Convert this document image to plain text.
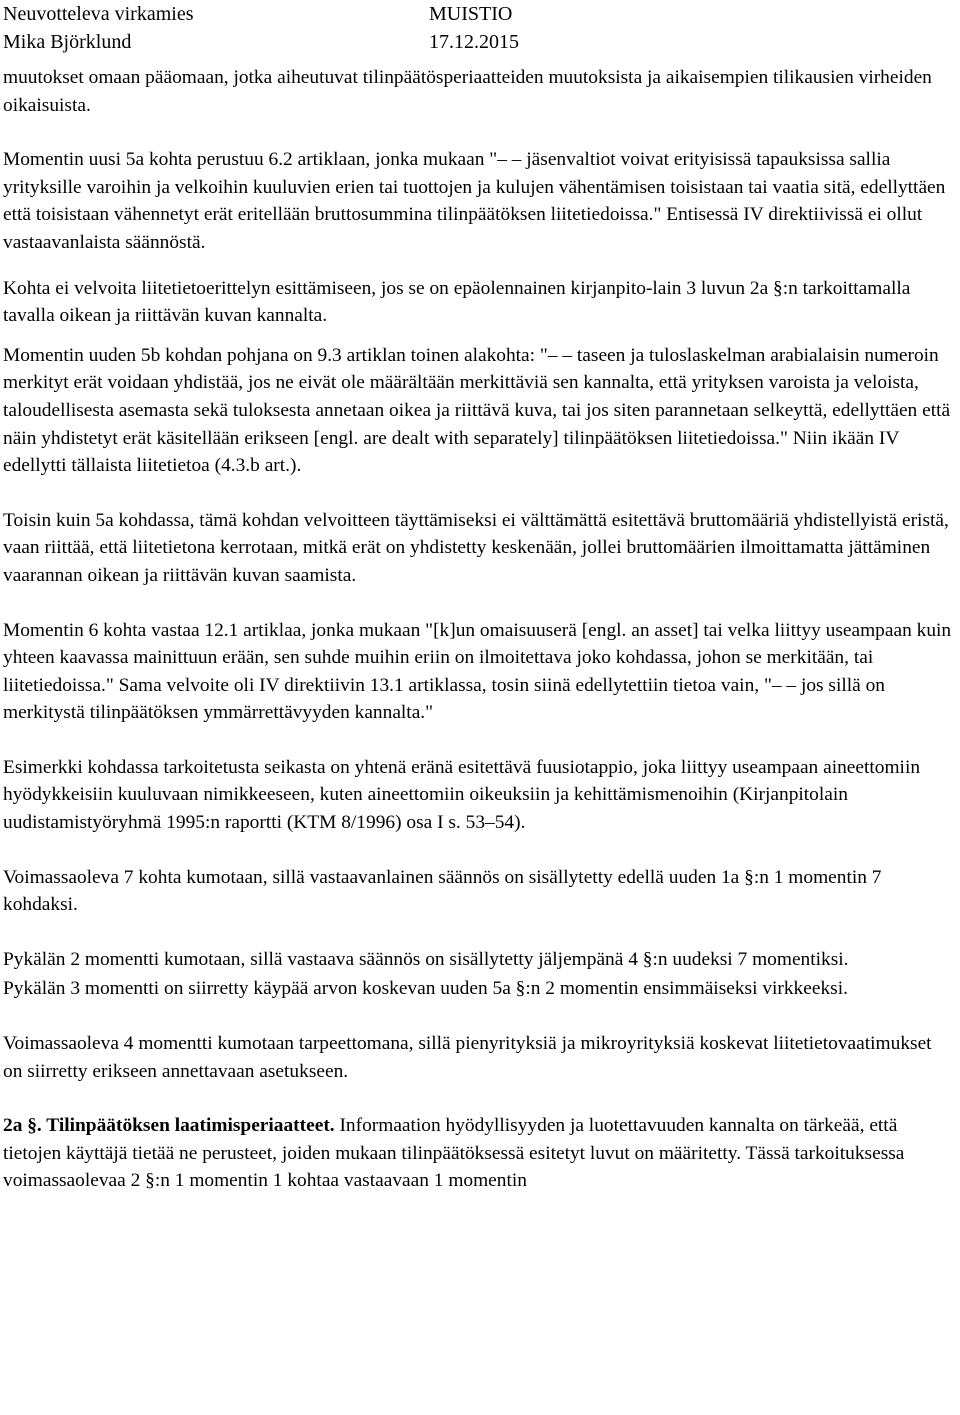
Neuvotteleva virkamies	MUISTIO
Mika Björklund	17.12.2015

muutokset omaan pääomaan, jotka aiheutuvat tilinpäätösperiaatteiden muutoksista ja aikaisempien tilikausien virheiden oikaisuista.

Momentin uusi 5a kohta perustuu 6.2 artiklaan, jonka mukaan "– – jäsenvaltiot voivat erityisissä tapauksissa sallia yrityksille varoihin ja velkoihin kuuluvien erien tai tuottojen ja kulujen vähentämisen toisistaan tai vaatia sitä, edellyttäen että toisistaan vähennetyt erät eritellään bruttosummina tilinpäätöksen liitetiedoissa." Entisessä IV direktiivissä ei ollut vastaavanlaista säännöstä.

Kohta ei velvoita liitetietoerittelyn esittämiseen, jos se on epäolennainen kirjanpito-lain 3 luvun 2a §:n tarkoittamalla tavalla oikean ja riittävän kuvan kannalta.

Momentin uuden 5b kohdan pohjana on 9.3 artiklan toinen alakohta: "– – taseen ja tuloslaskelman arabialaisin numeroin merkityt erät voidaan yhdistää, jos ne eivät ole määrältään merkittäviä sen kannalta, että yrityksen varoista ja veloista, taloudellisesta asemasta sekä tuloksesta annetaan oikea ja riittävä kuva, tai jos siten parannetaan selkeyttä, edellyttäen että näin yhdistetyt erät käsitellään erikseen [engl. are dealt with separately] tilinpäätöksen liitetiedoissa." Niin ikään IV edellytti tällaista liitetietoa (4.3.b art.).

Toisin kuin 5a kohdassa, tämä kohdan velvoitteen täyttämiseksi ei välttämättä esitettävä bruttomääriä yhdistellyistä eristä, vaan riittää, että liitetietona kerrotaan, mitkä erät on yhdistetty keskenään, jollei bruttomäärien ilmoittamatta jättäminen vaarannan oikean ja riittävän kuvan saamista.

Momentin 6 kohta vastaa 12.1 artiklaa, jonka mukaan "[k]un omaisuuserä [engl. an asset] tai velka liittyy useampaan kuin yhteen kaavassa mainittuun erään, sen suhde muihin eriin on ilmoitettava joko kohdassa, johon se merkitään, tai liitetiedoissa." Sama velvoite oli IV direktiivin 13.1 artiklassa, tosin siinä edellytettiin tietoa vain, "– – jos sillä on merkitystä tilinpäätöksen ymmärrettävyyden kannalta."

Esimerkki kohdassa tarkoitetusta seikasta on yhtenä eränä esitettävä fuusiotappio, joka liittyy useampaan aineettomiin hyödykkeisiin kuuluvaan nimikkeeseen, kuten aineettomiin oikeuksiin ja kehittämismenoihin (Kirjanpitolain uudistamistyöryhmä 1995:n raportti (KTM 8/1996) osa I s. 53–54).

Voimassaoleva 7 kohta kumotaan, sillä vastaavanlainen säännös on sisällytetty edellä uuden 1a §:n 1 momentin 7 kohdaksi.

Pykälän 2 momentti kumotaan, sillä vastaava säännös on sisällytetty jäljempänä 4 §:n uudeksi 7 momentiksi.

Pykälän 3 momentti on siirretty käypää arvon koskevan uuden 5a §:n 2 momentin ensimmäiseksi virkkeeksi.

Voimassaoleva 4 momentti kumotaan tarpeettomana, sillä pienyrityksiä ja mikroyrityksiä koskevat liitetietovaatimukset on siirretty erikseen annettavaan asetukseen.

2a §. Tilinpäätöksen laatimisperiaatteet. Informaation hyödyllisyyden ja luotettavuuden kannalta on tärkeää, että tietojen käyttäjä tietää ne perusteet, joiden mukaan tilinpäätöksessä esitetyt luvut on määritetty. Tässä tarkoituksessa voimassaolevaa 2 §:n 1 momentin 1 kohtaa vastaavaan 1 momentin
